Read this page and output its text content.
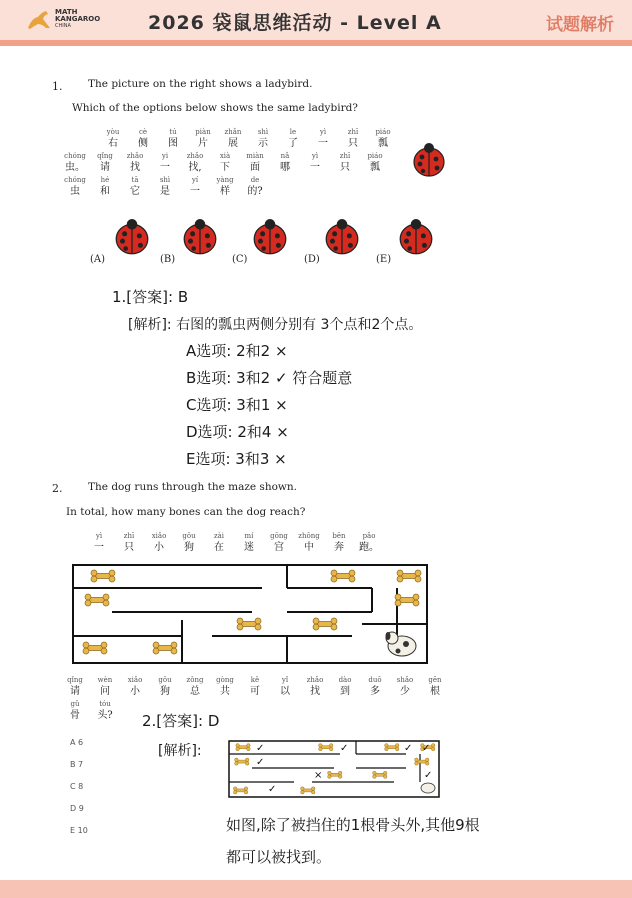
MATH
KANGAROO
CHINA	2026 袋鼠思维活动 - Level A	试题解析
1. The picture on the right shows a ladybird.
Which of the options below shows the same ladybird?
yòu
右
cè
侧
tú
图
piàn
片
zhǎn
展
shì
示
le
了
yì
一
zhī
只
piáo
瓢
chóng
虫。
qǐng
请
zhǎo
找
yi
一
zhǎo
找,
xià
下
miàn
面
nǎ
哪
yì
一
zhī
只
piáo
瓢
chóng
虫
hé
和
tā
它
shì
是
yí
一
yàng
样
de
的?
(A)	(B)	(C)	(D)	(E)
1.[答案]: B
[解析]: 右图的瓢虫两侧分别有 3个点和2个点。
A选项: 2和2 ×
B选项: 3和2 ✓ 符合题意
C选项: 3和1 ×
D选项: 2和4 ×
E选项: 3和3 ×
2. The dog runs through the maze shown.
In total, how many bones can the dog reach?
yì
一
zhī
只
xiǎo
小
gǒu
狗
zài
在
mí
迷
gōng
宫
zhōng
中
bēn
奔
pǎo
跑。
qǐng
请
wèn
问
xiǎo
小
gǒu
狗
zǒng
总
gòng
共
kě
可
yǐ
以
zhǎo
找
dào
到
duō
多
shǎo
少
gēn
根
gǔ
骨
tóu
头?
A 6
B 7
C 8
D 9
E 10
2.[答案]: D
[解析]:	✓	✓	✓ ✓
✓
×	✓
✓
如图,除了被挡住的1根骨头外,其他9根
都可以被找到。
